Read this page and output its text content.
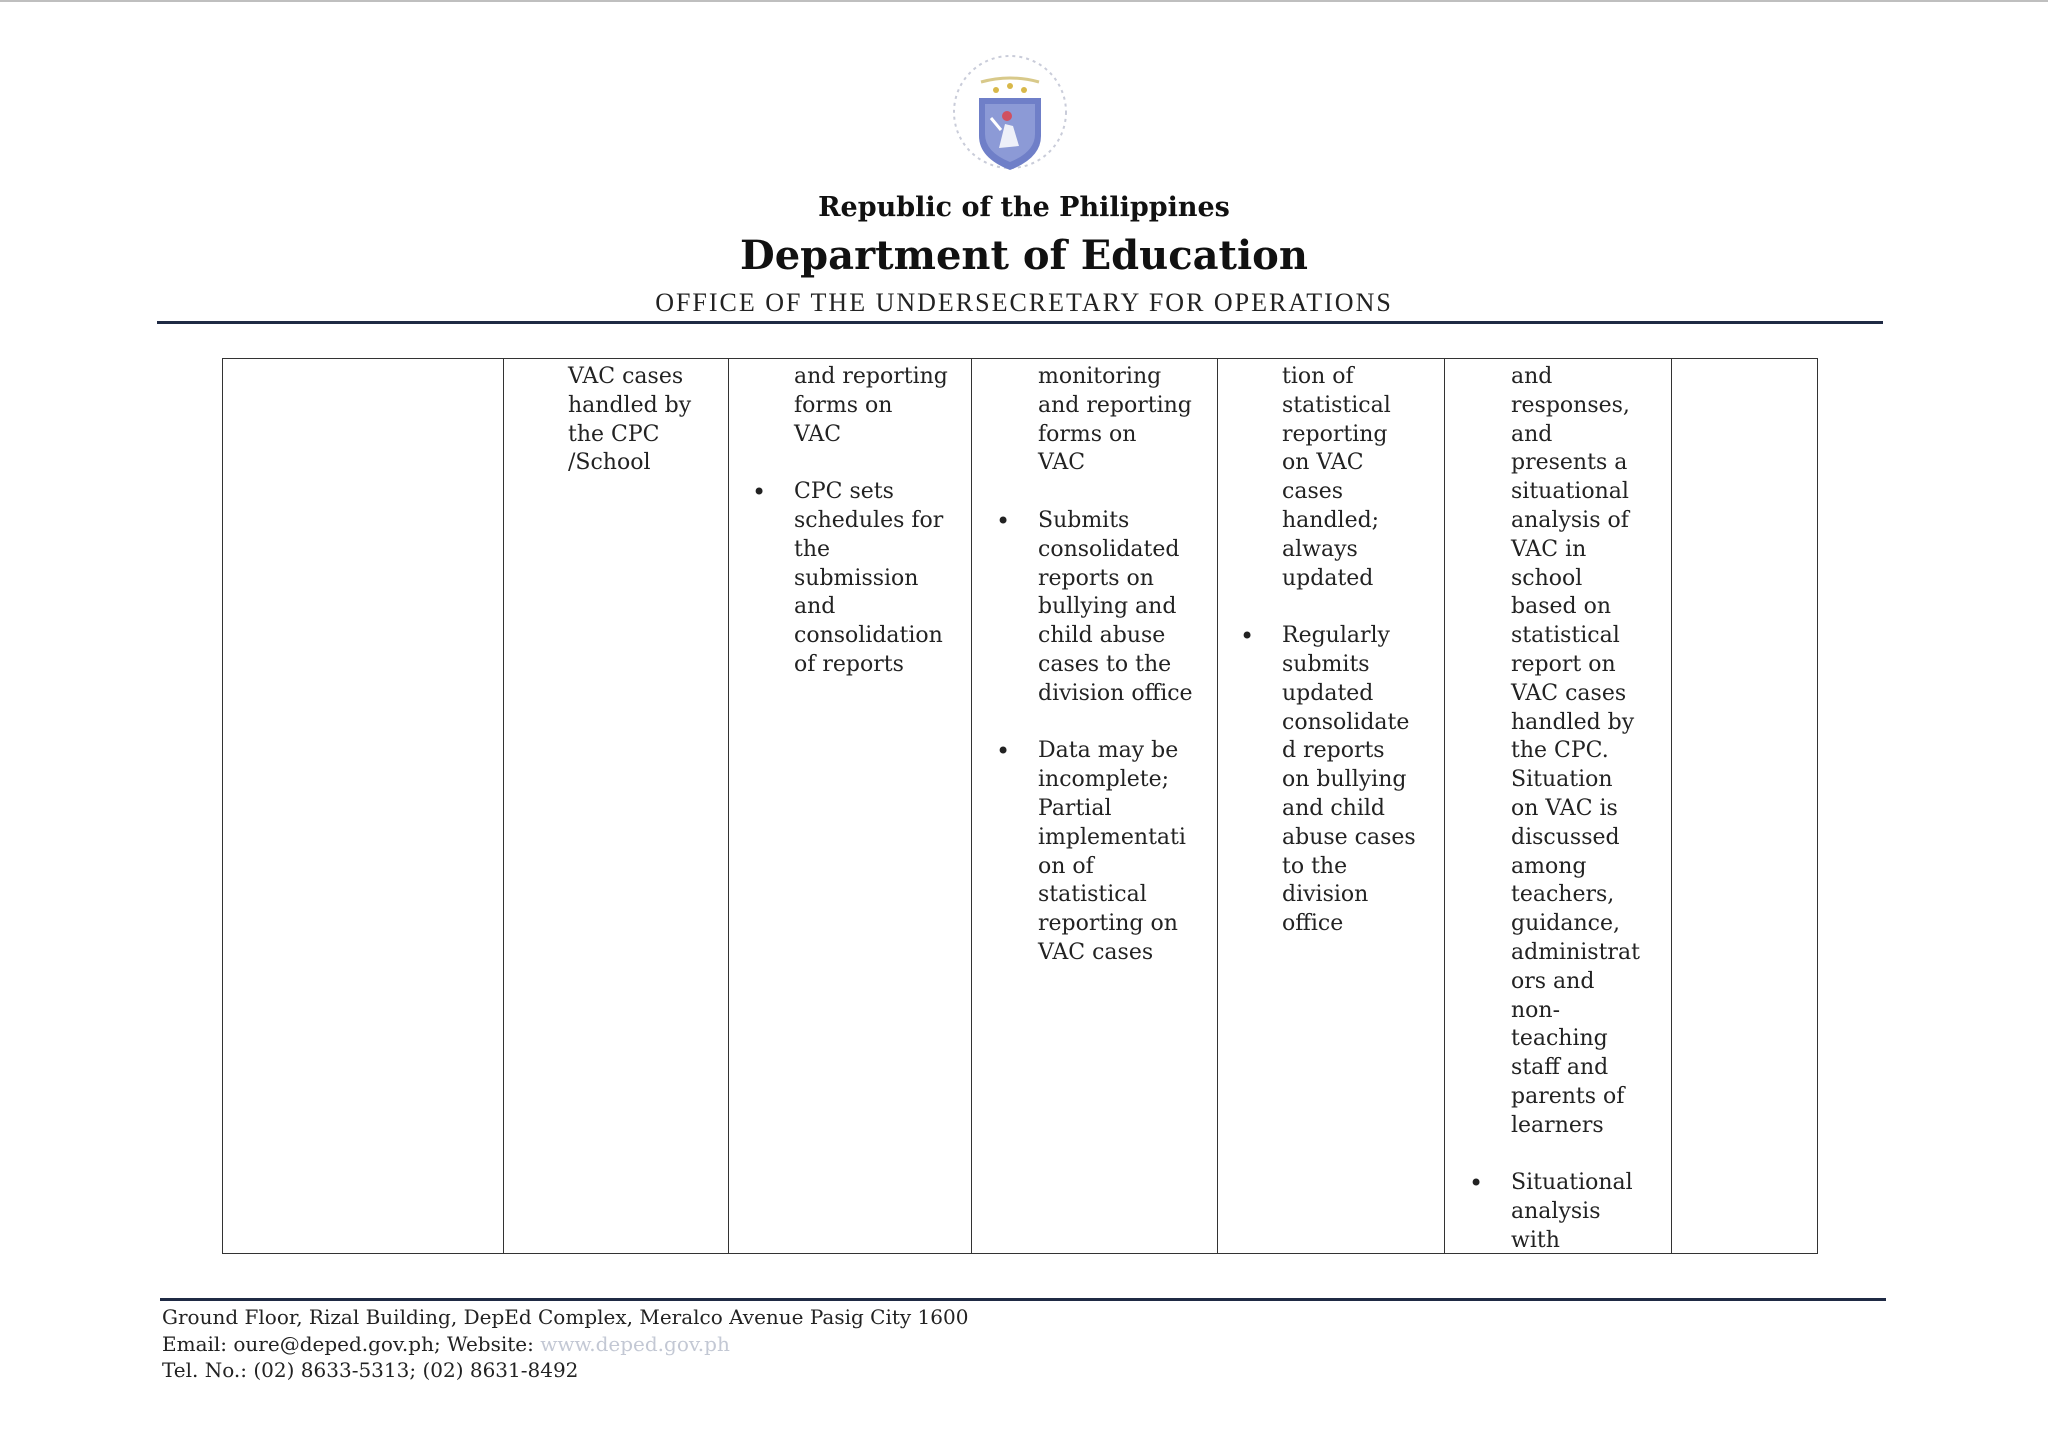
Republic of the Philippines
Department of Education
OFFICE OF THE UNDERSECRETARY FOR OPERATIONS
VAC cases
handled by
the CPC
/School
and reporting
forms on
VAC
• CPC sets
schedules for
the
submission
and
consolidation
of reports
monitoring
and reporting
forms on
VAC
• Submits
consolidated
reports on
bullying and
child abuse
cases to the
division office
• Data may be
incomplete;
Partial
implementati
on of
statistical
reporting on
VAC cases
tion of
statistical
reporting
on VAC
cases
handled;
always
updated
• Regularly
submits
updated
consolidate
d reports
on bullying
and child
abuse cases
to the
division
office
and
responses,
and
presents a
situational
analysis of
VAC in
school
based on
statistical
report on
VAC cases
handled by
the CPC.
Situation
on VAC is
discussed
among
teachers,
guidance,
administrat
ors and
non-
teaching
staff and
parents of
learners
• Situational
analysis
with
Ground Floor, Rizal Building, DepEd Complex, Meralco Avenue Pasig City 1600
Email: oure@deped.gov.ph; Website: www.deped.gov.ph
Tel. No.: (02) 8633-5313; (02) 8631-8492
